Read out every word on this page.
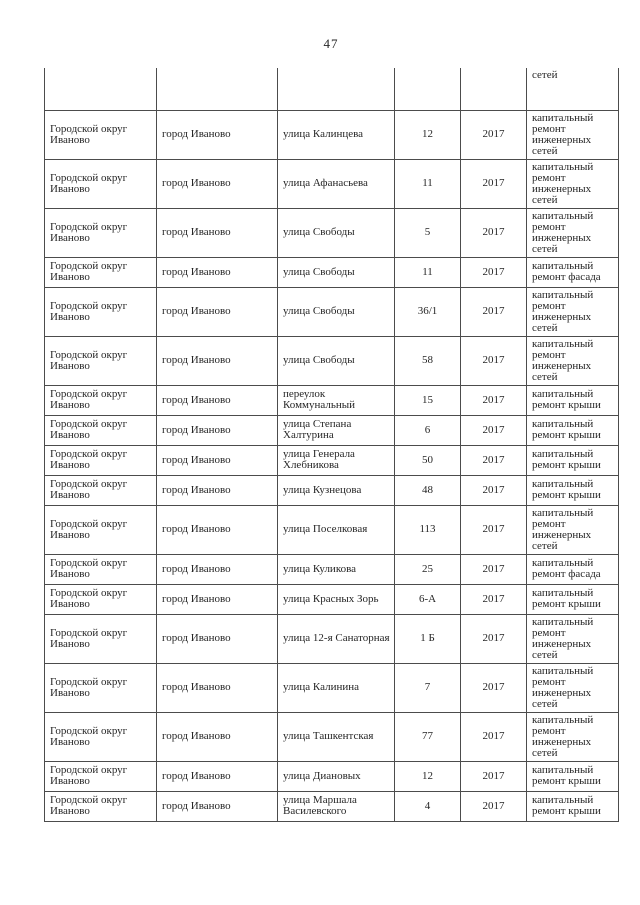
47
					сетей
Городской округ Иваново	город Иваново	улица Калинцева	12	2017	капитальный ремонт инженерных сетей
Городской округ Иваново	город Иваново	улица Афанасьева	11	2017	капитальный ремонт инженерных сетей
Городской округ Иваново	город Иваново	улица Свободы	5	2017	капитальный ремонт инженерных сетей
Городской округ Иваново	город Иваново	улица Свободы	11	2017	капитальный ремонт фасада
Городской округ Иваново	город Иваново	улица Свободы	36/1	2017	капитальный ремонт инженерных сетей
Городской округ Иваново	город Иваново	улица Свободы	58	2017	капитальный ремонт инженерных сетей
Городской округ Иваново	город Иваново	переулок Коммунальный	15	2017	капитальный ремонт крыши
Городской округ Иваново	город Иваново	улица Степана Халтурина	6	2017	капитальный ремонт крыши
Городской округ Иваново	город Иваново	улица Генерала Хлебникова	50	2017	капитальный ремонт крыши
Городской округ Иваново	город Иваново	улица Кузнецова	48	2017	капитальный ремонт крыши
Городской округ Иваново	город Иваново	улица Поселковая	113	2017	капитальный ремонт инженерных сетей
Городской округ Иваново	город Иваново	улица Куликова	25	2017	капитальный ремонт фасада
Городской округ Иваново	город Иваново	улица Красных Зорь	6-А	2017	капитальный ремонт крыши
Городской округ Иваново	город Иваново	улица 12-я Санаторная	1 Б	2017	капитальный ремонт инженерных сетей
Городской округ Иваново	город Иваново	улица Калинина	7	2017	капитальный ремонт инженерных сетей
Городской округ Иваново	город Иваново	улица Ташкентская	77	2017	капитальный ремонт инженерных сетей
Городской округ Иваново	город Иваново	улица Диановых	12	2017	капитальный ремонт крыши
Городской округ Иваново	город Иваново	улица Маршала Василевского	4	2017	капитальный ремонт крыши
